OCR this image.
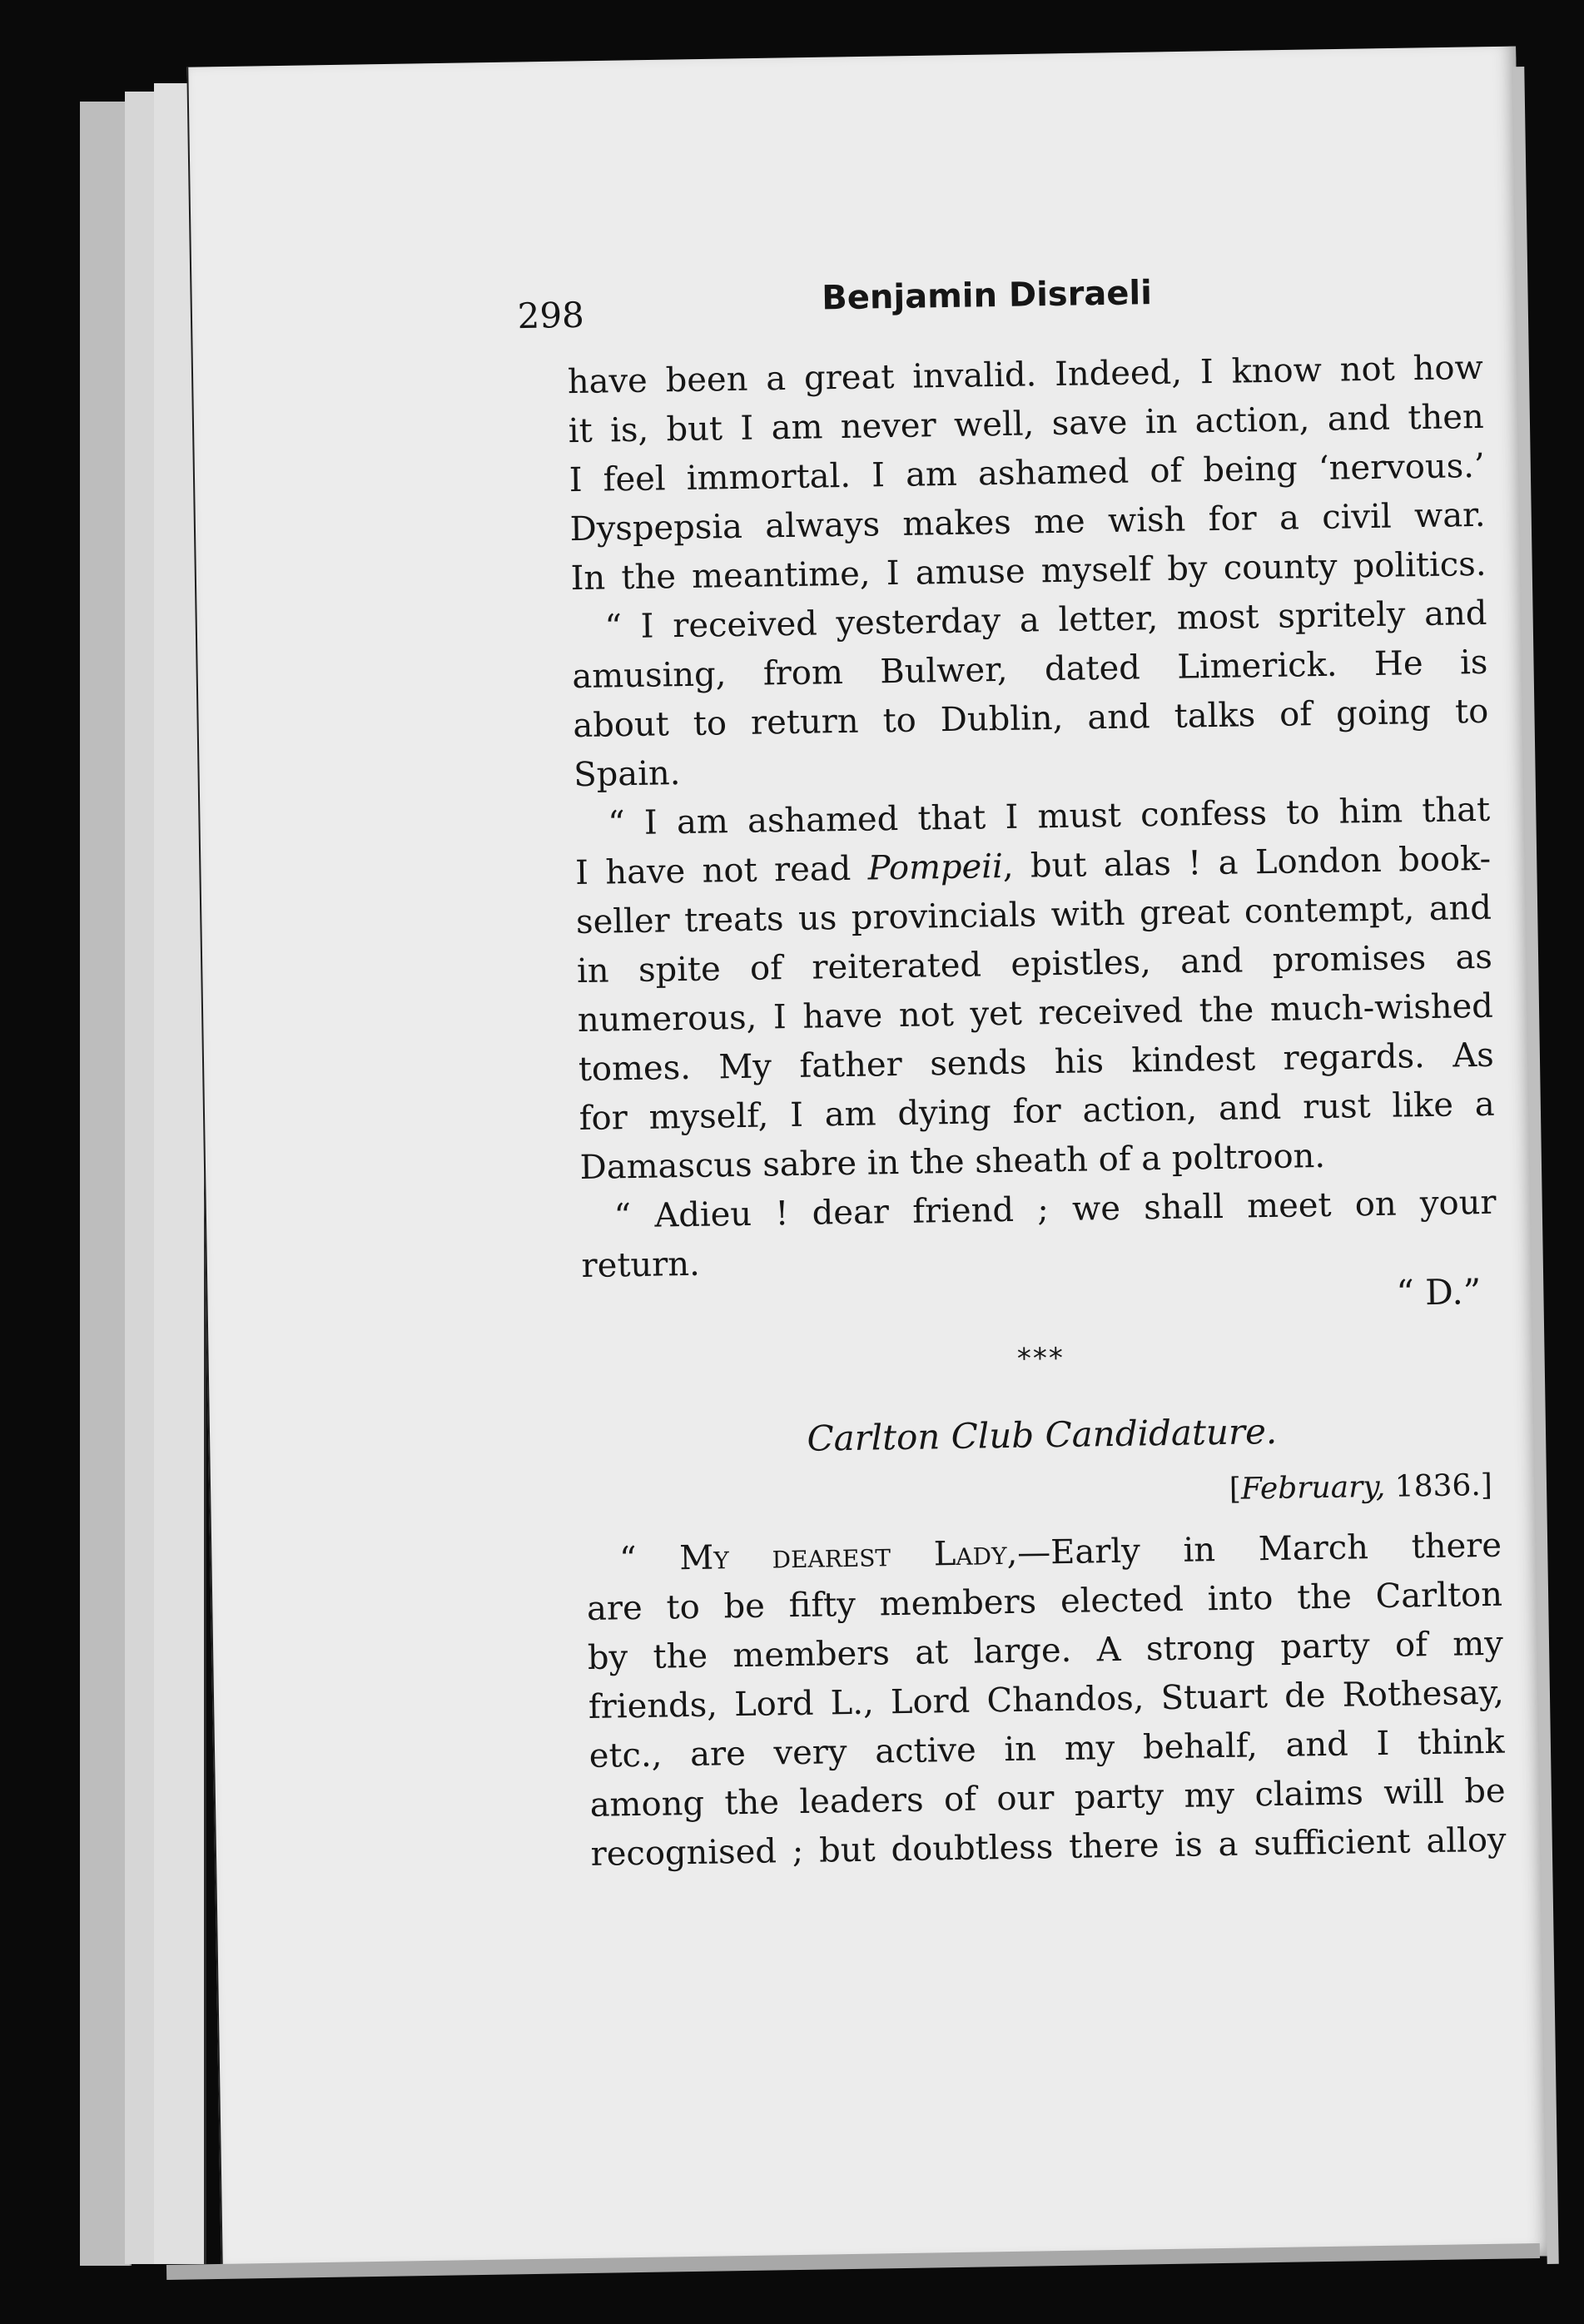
298	Benjamin Disraeli

have been a great invalid. Indeed, I know not how
it is, but I am never well, save in action, and then
I feel immortal. I am ashamed of being ‘nervous.’
Dyspepsia always makes me wish for a civil war.
In the meantime, I amuse myself by county politics.

“ I received yesterday a letter, most spritely and
amusing, from Bulwer, dated Limerick. He is
about to return to Dublin, and talks of going to
Spain.

“ I am ashamed that I must confess to him that
I have not read Pompeii, but alas ! a London book-
seller treats us provincials with great contempt, and
in spite of reiterated epistles, and promises as
numerous, I have not yet received the much-wished
tomes. My father sends his kindest regards. As
for myself, I am dying for action, and rust like a
Damascus sabre in the sheath of a poltroon.

“ Adieu ! dear friend ; we shall meet on your
return.

“ D.”
***
Carlton Club Candidature.
[February, 1836.]

“ My dearest Lady,—Early in March there
are to be fifty members elected into the Carlton
by the members at large. A strong party of my
friends, Lord L., Lord Chandos, Stuart de Rothesay,
etc., are very active in my behalf, and I think
among the leaders of our party my claims will be
recognised ; but doubtless there is a sufficient alloy
